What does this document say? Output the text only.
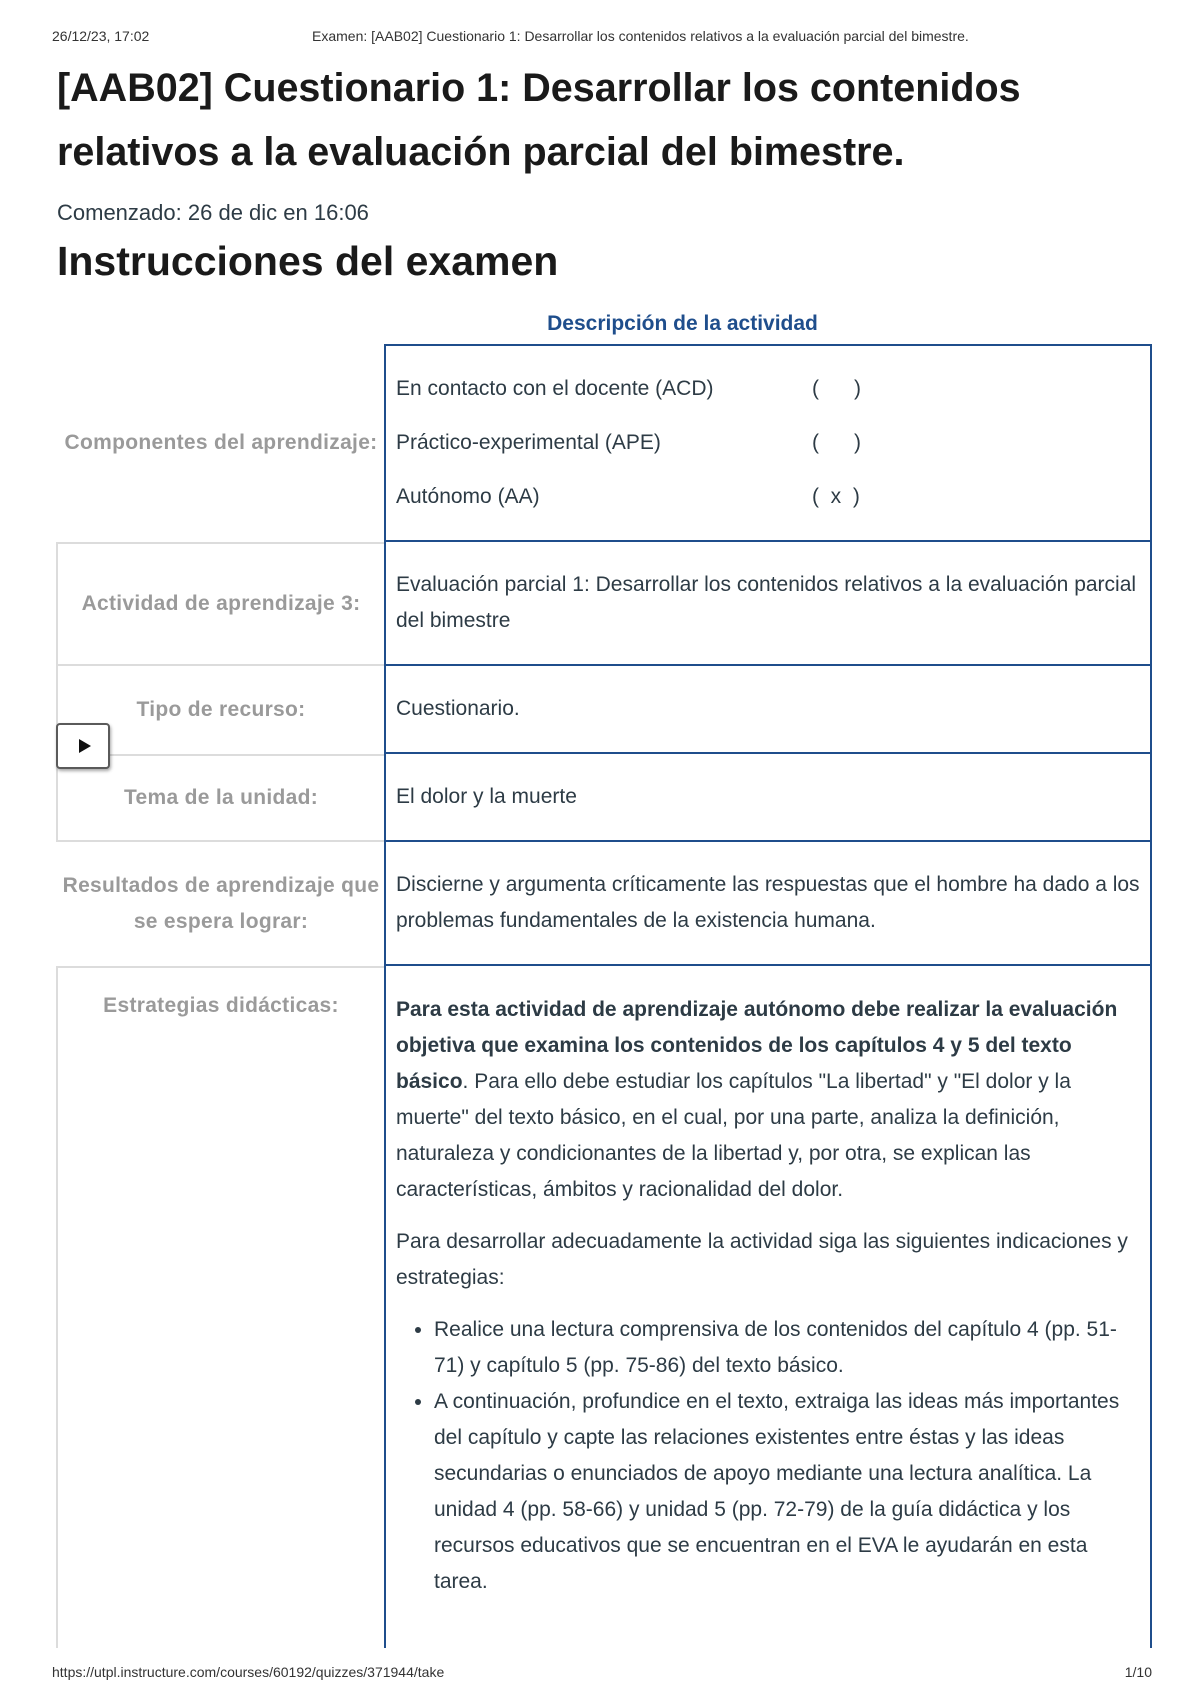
26/12/23, 17:02	Examen: [AAB02] Cuestionario 1: Desarrollar los contenidos relativos a la evaluación parcial del bimestre.
[AAB02] Cuestionario 1: Desarrollar los contenidos relativos a la evaluación parcial del bimestre.
Comenzado: 26 de dic en 16:06
Instrucciones del examen
Descripción de la actividad
Componentes del aprendizaje:
En contacto con el docente (ACD)	(      )
Práctico-experimental (APE)	(      )
Autónomo (AA)	(  x  )
Actividad de aprendizaje 3:
Evaluación parcial 1: Desarrollar los contenidos relativos a la evaluación parcial del bimestre
Tipo de recurso:	Cuestionario.
Tema de la unidad:	El dolor y la muerte
Resultados de aprendizaje que se espera lograr:
Discierne y argumenta críticamente las respuestas que el hombre ha dado a los problemas fundamentales de la existencia humana.
Estrategias didácticas:	Para esta actividad de aprendizaje autónomo debe realizar la evaluación objetiva que examina los contenidos de los capítulos 4 y 5 del texto básico. Para ello debe estudiar los capítulos "La libertad" y "El dolor y la muerte" del texto básico, en el cual, por una parte, analiza la definición, naturaleza y condicionantes de la libertad y, por otra, se explican las características, ámbitos y racionalidad del dolor.

Para desarrollar adecuadamente la actividad siga las siguientes indicaciones y estrategias:

• Realice una lectura comprensiva de los contenidos del capítulo 4 (pp. 51-71) y capítulo 5 (pp. 75-86) del texto básico.
• A continuación, profundice en el texto, extraiga las ideas más importantes del capítulo y capte las relaciones existentes entre éstas y las ideas secundarias o enunciados de apoyo mediante una lectura analítica. La unidad 4 (pp. 58-66) y unidad 5 (pp. 72-79) de la guía didáctica y los recursos educativos que se encuentran en el EVA le ayudarán en esta tarea.
https://utpl.instructure.com/courses/60192/quizzes/371944/take	1/10
